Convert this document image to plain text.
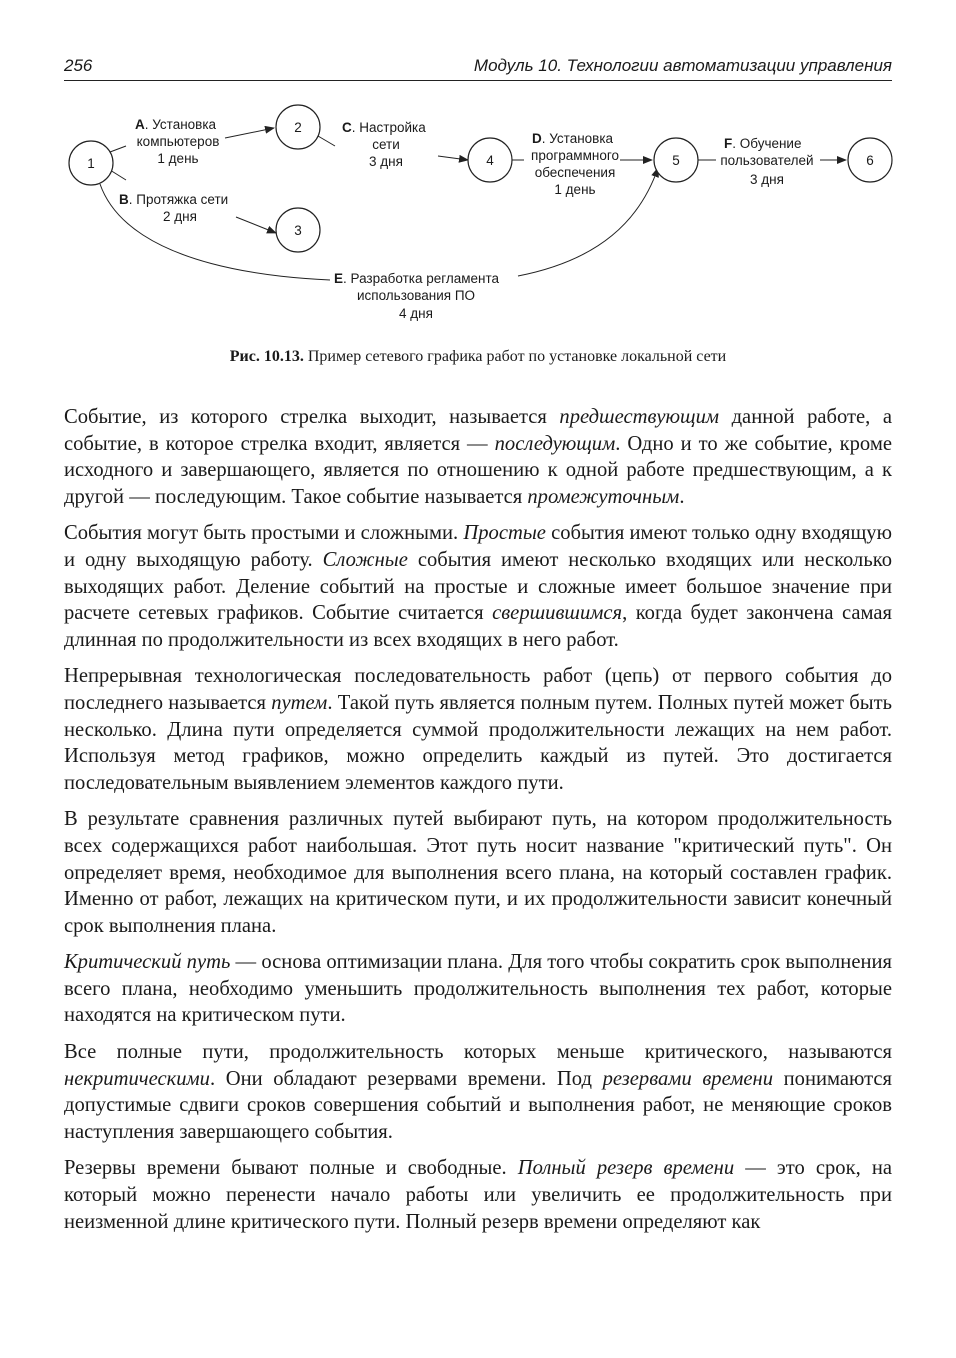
256	Модуль 10. Технологии автоматизации управления
1
2
3
4	5	6
A. Установка
компьютеров
1 день
B. Протяжка сети
2 дня
C. Настройка
сети
3 дня
D. Установка
программного
обеспечения
1 день
F. Обучение
пользователей
3 дня
E. Разработка регламента
использования ПО
4 дня
Рис. 10.13. Пример сетевого графика работ по установке локальной сети

Событие, из которого стрелка выходит, называется предшествующим данной работе, а событие, в которое стрелка входит, является — последующим. Одно и то же событие, кроме исходного и завершающего, является по отношению к одной работе предшествующим, а к другой — последующим. Такое событие называется промежуточным.

События могут быть простыми и сложными. Простые события имеют только одну входящую и одну выходящую работу. Сложные события имеют несколько входящих или несколько выходящих работ. Деление событий на простые и сложные имеет большое значение при расчете сетевых графиков. Событие считается свершившимся, когда будет закончена самая длинная по продолжительности из всех входящих в него работ.

Непрерывная технологическая последовательность работ (цепь) от первого события до последнего называется путем. Такой путь является полным путем. Полных путей может быть несколько. Длина пути определяется суммой продолжительности лежащих на нем работ. Используя метод графиков, можно определить каждый из путей. Это достигается последовательным выявлением элементов каждого пути.

В результате сравнения различных путей выбирают путь, на котором продолжительность всех содержащихся работ наибольшая. Этот путь носит название "критический путь". Он определяет время, необходимое для выполнения всего плана, на который составлен график. Именно от работ, лежащих на критическом пути, и их продолжительности зависит конечный срок выполнения плана.

Критический путь — основа оптимизации плана. Для того чтобы сократить срок выполнения всего плана, необходимо уменьшить продолжительность выполнения тех работ, которые находятся на критическом пути.

Все полные пути, продолжительность которых меньше критического, называются некритическими. Они обладают резервами времени. Под резервами времени понимаются допустимые сдвиги сроков совершения событий и выполнения работ, не меняющие сроков наступления завершающего события.

Резервы времени бывают полные и свободные. Полный резерв времени — это срок, на который можно перенести начало работы или увеличить ее продолжительность при неизменной длине критического пути. Полный резерв времени определяют как
